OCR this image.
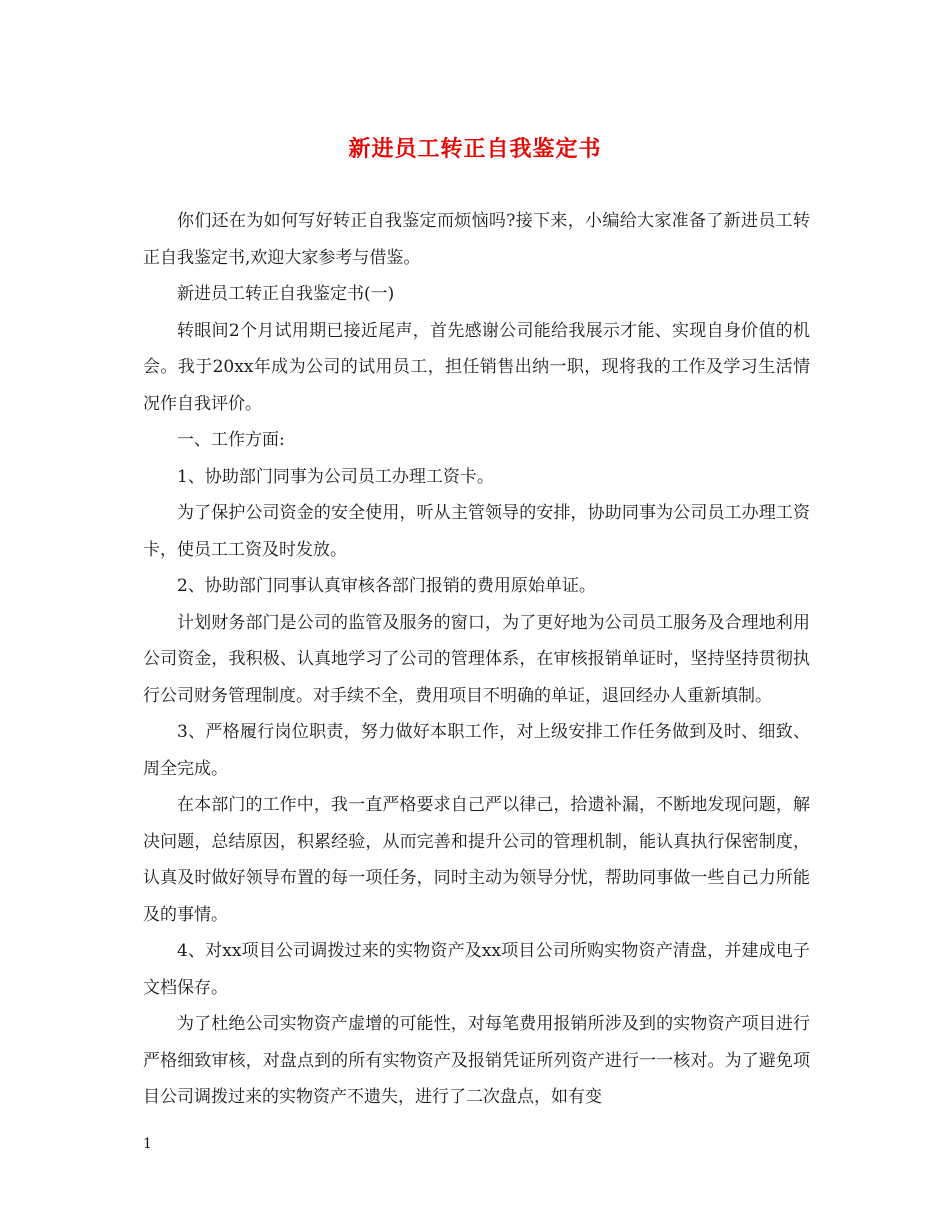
新进员工转正自我鉴定书

你们还在为如何写好转正自我鉴定而烦恼吗?接下来，小编给大家准备了新进员工转正自我鉴定书,欢迎大家参考与借鉴。

新进员工转正自我鉴定书(一)

转眼间2个月试用期已接近尾声，首先感谢公司能给我展示才能、实现自身价值的机会。我于20xx年成为公司的试用员工，担任销售出纳一职，现将我的工作及学习生活情况作自我评价。

一、工作方面:

1、协助部门同事为公司员工办理工资卡。

为了保护公司资金的安全使用，听从主管领导的安排，协助同事为公司员工办理工资卡，使员工工资及时发放。

2、协助部门同事认真审核各部门报销的费用原始单证。

计划财务部门是公司的监管及服务的窗口，为了更好地为公司员工服务及合理地利用公司资金，我积极、认真地学习了公司的管理体系，在审核报销单证时，坚持坚持贯彻执行公司财务管理制度。对手续不全，费用项目不明确的单证，退回经办人重新填制。

3、严格履行岗位职责，努力做好本职工作，对上级安排工作任务做到及时、细致、周全完成。

在本部门的工作中，我一直严格要求自己严以律己，拾遗补漏，不断地发现问题，解决问题，总结原因，积累经验，从而完善和提升公司的管理机制，能认真执行保密制度，认真及时做好领导布置的每一项任务，同时主动为领导分忧，帮助同事做一些自己力所能及的事情。

4、对xx项目公司调拨过来的实物资产及xx项目公司所购实物资产清盘，并建成电子文档保存。

为了杜绝公司实物资产虚增的可能性，对每笔费用报销所涉及到的实物资产项目进行严格细致审核，对盘点到的所有实物资产及报销凭证所列资产进行一一核对。为了避免项目公司调拨过来的实物资产不遗失，进行了二次盘点，如有变

1
